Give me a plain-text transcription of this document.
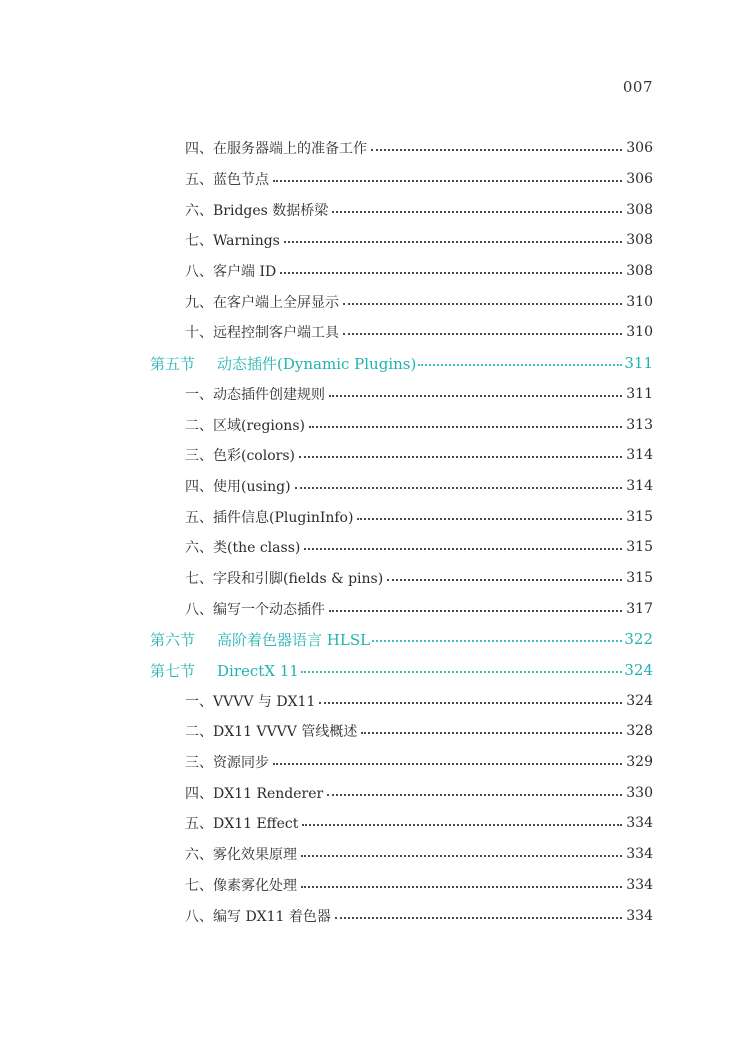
007
四、在服务器端上的准备工作	306
五、蓝色节点	306
六、Bridges 数据桥梁	308
七、Warnings	308
八、客户端 ID	308
九、在客户端上全屏显示	310
十、远程控制客户端工具	310
第五节 动态插件(Dynamic Plugins)	311
一、动态插件创建规则	311
二、区域(regions)	313
三、色彩(colors)	314
四、使用(using)	314
五、插件信息(PluginInfo)	315
六、类(the class)	315
七、字段和引脚(fields & pins)	315
八、编写一个动态插件	317
第六节 高阶着色器语言 HLSL	322
第七节 DirectX 11	324
一、VVVV 与 DX11	324
二、DX11 VVVV 管线概述	328
三、资源同步	329
四、DX11 Renderer	330
五、DX11 Effect	334
六、雾化效果原理	334
七、像素雾化处理	334
八、编写 DX11 着色器	334
